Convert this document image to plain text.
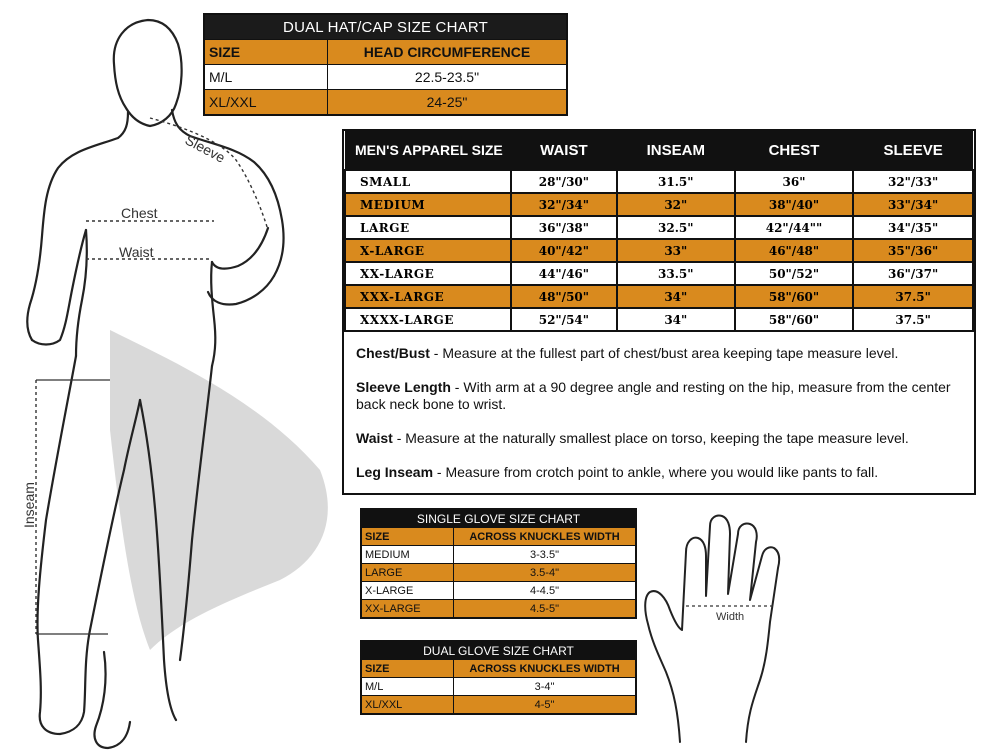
Sleeve
Chest
Waist
Inseam
DUAL HAT/CAP SIZE CHART	
SIZE	HEAD CIRCUMFERENCE
M/L	22.5-23.5"
XL/XXL	24-25"
MEN'S APPAREL SIZE	WAIST	INSEAM	CHEST	SLEEVE
SMALL	28"/30"	31.5"	36"	32"/33"
MEDIUM	32"/34"	32"	38"/40"	33"/34"
LARGE	36"/38"	32.5"	42"/44""	34"/35"
X-LARGE	40"/42"	33"	46"/48"	35"/36"
XX-LARGE	44"/46"	33.5"	50"/52"	36"/37"
XXX-LARGE	48"/50"	34"	58"/60"	37.5"
XXXX-LARGE	52"/54"	34"	58"/60"	37.5"

Chest/Bust - Measure at the fullest part of chest/bust area keeping tape measure level.

Sleeve Length - With arm at a 90 degree angle and resting on the hip, measure from the center back neck bone to wrist.

Waist - Measure at the naturally smallest place on torso, keeping the tape measure level.

Leg Inseam - Measure from crotch point to ankle, where you would like pants to fall.

SINGLE GLOVE SIZE CHART	
SIZE	ACROSS KNUCKLES WIDTH
MEDIUM	3-3.5"
LARGE	3.5-4"
X-LARGE	4-4.5"
XX-LARGE	4.5-5"
DUAL GLOVE SIZE CHART	
SIZE	ACROSS KNUCKLES WIDTH
M/L	3-4"
XL/XXL	4-5"
Width
